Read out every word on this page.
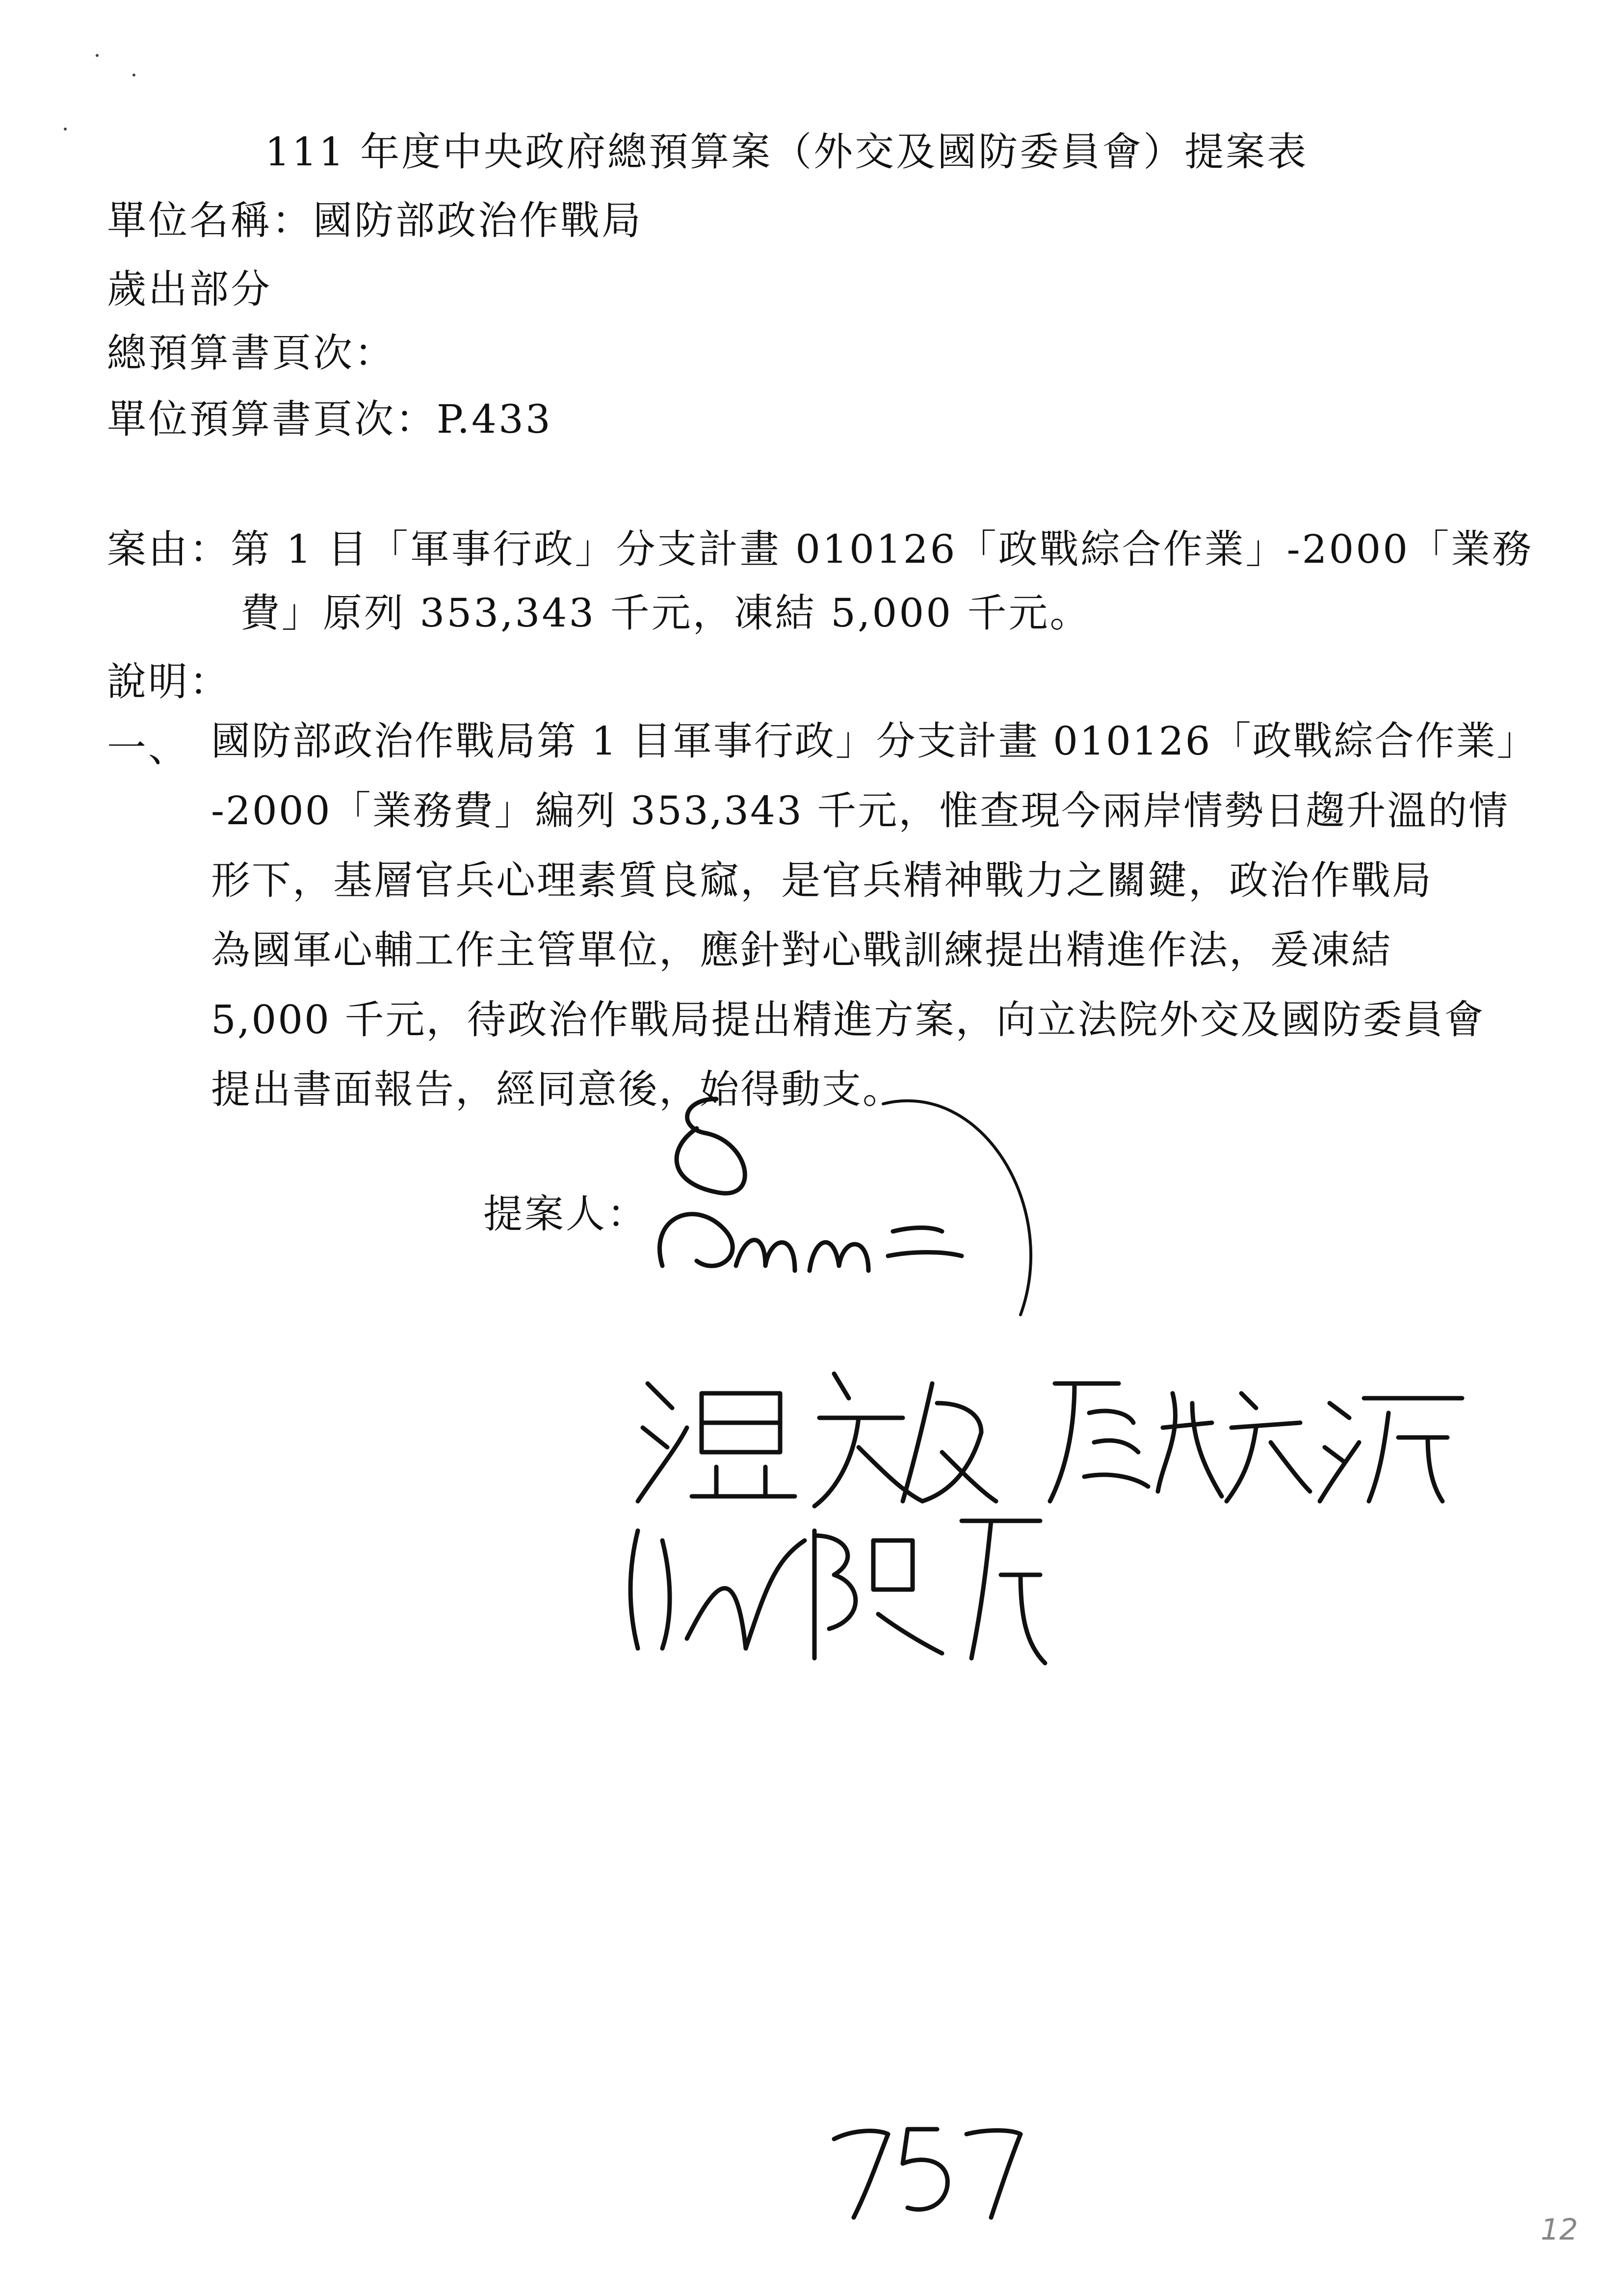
111 年度中央政府總預算案（外交及國防委員會）提案表
單位名稱：國防部政治作戰局
歲出部分
總預算書頁次：
單位預算書頁次：P.433
案由：第 1 目「軍事行政」分支計畫 010126「政戰綜合作業」-2000「業務
費」原列 353,343 千元，凍結 5,000 千元。
說明：
一、 國防部政治作戰局第 1 目軍事行政」分支計畫 010126「政戰綜合作業」
-2000「業務費」編列 353,343 千元，惟查現今兩岸情勢日趨升溫的情
形下，基層官兵心理素質良窳，是官兵精神戰力之關鍵，政治作戰局
為國軍心輔工作主管單位，應針對心戰訓練提出精進作法，爰凍結
5,000 千元，待政治作戰局提出精進方案，向立法院外交及國防委員會
提出書面報告，經同意後，始得動支。
提案人：
12
